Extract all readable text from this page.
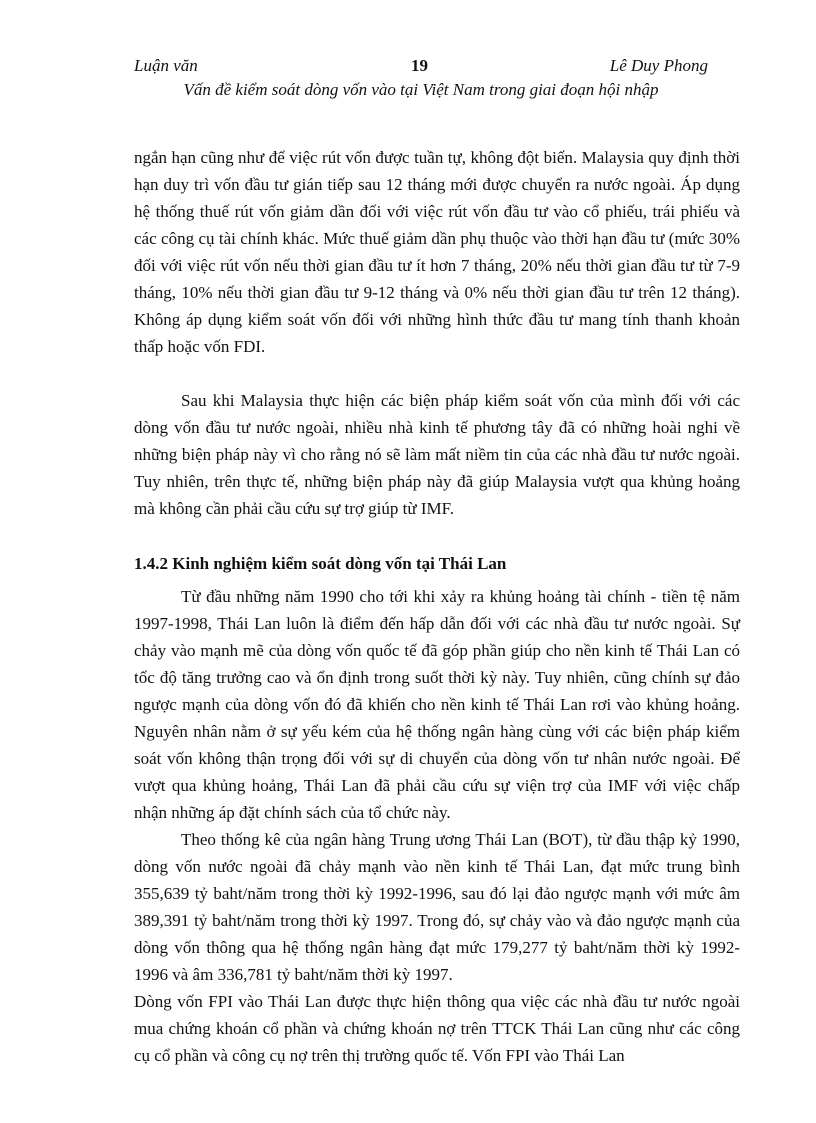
Luận văn	19	Lê Duy Phong
Vấn đề kiểm soát dòng vốn vào tại Việt Nam trong giai đoạn hội nhập

ngắn hạn cũng như để việc rút vốn được tuần tự, không đột biến. Malaysia quy định thời hạn duy trì vốn đầu tư gián tiếp sau 12 tháng mới được chuyển ra nước ngoài. Áp dụng hệ thống thuế rút vốn giảm dần đối với việc rút vốn đầu tư vào cổ phiếu, trái phiếu và các công cụ tài chính khác. Mức thuế giảm dần phụ thuộc vào thời hạn đầu tư (mức 30% đối với việc rút vốn nếu thời gian đầu tư ít hơn 7 tháng, 20% nếu thời gian đầu tư từ 7-9 tháng, 10% nếu thời gian đầu tư 9-12 tháng và 0% nếu thời gian đầu tư trên 12 tháng). Không áp dụng kiểm soát vốn đối với những hình thức đầu tư mang tính thanh khoản thấp hoặc vốn FDI.

Sau khi Malaysia thực hiện các biện pháp kiểm soát vốn của mình đối với các dòng vốn đầu tư nước ngoài, nhiều nhà kinh tế phương tây đã có những hoài nghi về những biện pháp này vì cho rằng nó sẽ làm mất niềm tin của các nhà đầu tư nước ngoài. Tuy nhiên, trên thực tế, những biện pháp này đã giúp Malaysia vượt qua khủng hoảng mà không cần phải cầu cứu sự trợ giúp từ IMF.

1.4.2 Kinh nghiệm kiểm soát dòng vốn tại Thái Lan

Từ đầu những năm 1990 cho tới khi xảy ra khủng hoảng tài chính - tiền tệ năm 1997-1998, Thái Lan luôn là điểm đến hấp dẫn đối với các nhà đầu tư nước ngoài. Sự chảy vào mạnh mẽ của dòng vốn quốc tế đã góp phần giúp cho nền kinh tế Thái Lan có tốc độ tăng trưởng cao và ổn định trong suốt thời kỳ này. Tuy nhiên, cũng chính sự đảo ngược mạnh của dòng vốn đó đã khiến cho nền kinh tế Thái Lan rơi vào khủng hoảng. Nguyên nhân nằm ở sự yếu kém của hệ thống ngân hàng cùng với các biện pháp kiểm soát vốn không thận trọng đối với sự di chuyển của dòng vốn tư nhân nước ngoài. Để vượt qua khủng hoảng, Thái Lan đã phải cầu cứu sự viện trợ của IMF với việc chấp nhận những áp đặt chính sách của tổ chức này.

Theo thống kê của ngân hàng Trung ương Thái Lan (BOT), từ đầu thập kỷ 1990, dòng vốn nước ngoài đã chảy mạnh vào nền kinh tế Thái Lan, đạt mức trung bình 355,639 tỷ baht/năm trong thời kỳ 1992-1996, sau đó lại đảo ngược mạnh với mức âm 389,391 tỷ baht/năm trong thời kỳ 1997. Trong đó, sự chảy vào và đảo ngược mạnh của dòng vốn thông qua hệ thống ngân hàng đạt mức 179,277 tỷ baht/năm thời kỳ 1992-1996 và âm 336,781 tỷ baht/năm thời kỳ 1997.

Dòng vốn FPI vào Thái Lan được thực hiện thông qua việc các nhà đầu tư nước ngoài mua chứng khoán cổ phần và chứng khoán nợ trên TTCK Thái Lan cũng như các công cụ cổ phần và công cụ nợ trên thị trường quốc tế. Vốn FPI vào Thái Lan
